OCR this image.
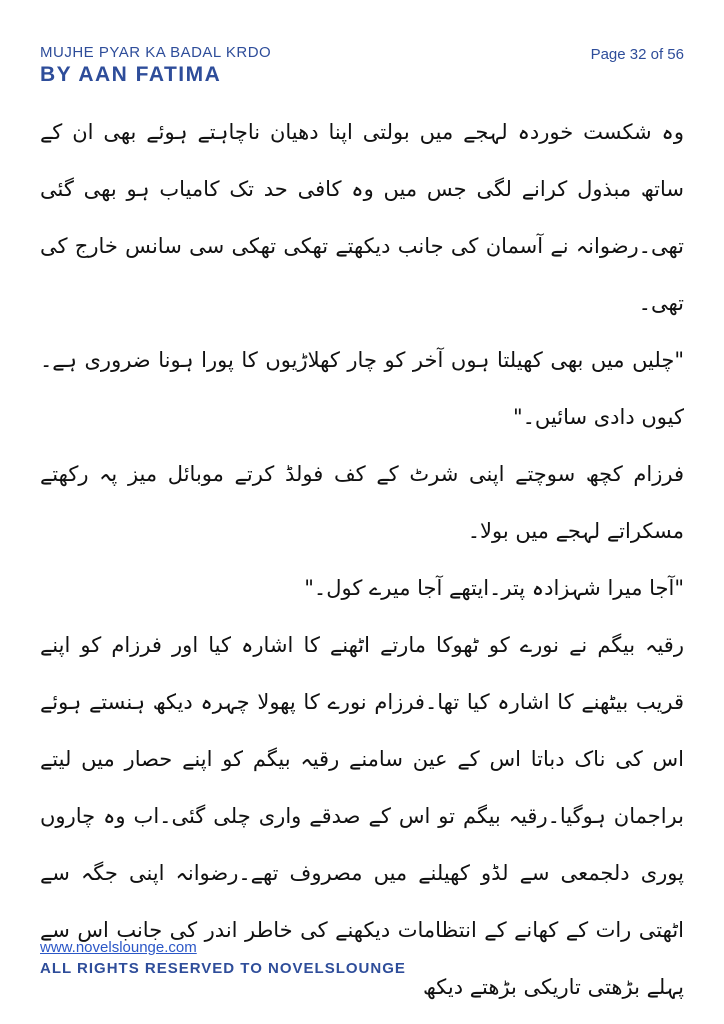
MUJHE PYAR KA BADAL KRDO
BY AAN FATIMA
Page 32 of 56

وہ شکست خوردہ لہجے میں بولتی اپنا دھیان ناچاہتے ہوئے بھی ان کے ساتھ مبذول کرانے لگی جس میں وہ کافی حد تک کامیاب ہو بھی گئی تھی۔رضوانہ نے آسمان کی جانب دیکھتے تھکی تھکی سی سانس خارج کی تھی۔

"چلیں میں بھی کھیلتا ہوں آخر کو چار کھلاڑیوں کا پورا ہونا ضروری ہے۔کیوں دادی سائیں۔"

فرزام کچھ سوچتے اپنی شرٹ کے کف فولڈ کرتے موبائل میز پہ رکھتے مسکراتے لہجے میں بولا۔

"آجا میرا شہزادہ پتر۔ایتھے آجا میرے کول۔"

رقیہ بیگم نے نورے کو ٹھوکا مارتے اٹھنے کا اشارہ کیا اور فرزام کو اپنے قریب بیٹھنے کا اشارہ کیا تھا۔فرزام نورے کا پھولا چہرہ دیکھ ہنستے ہوئے اس کی ناک دباتا اس کے عین سامنے رقیہ بیگم کو اپنے حصار میں لیتے براجمان ہوگیا۔رقیہ بیگم تو اس کے صدقے واری چلی گئی۔اب وہ چاروں پوری دلجمعی سے لڈو کھیلنے میں مصروف تھے۔رضوانہ اپنی جگہ سے اٹھتی رات کے کھانے کے انتظامات دیکھنے کی خاطر اندر کی جانب اس سے پہلے بڑھتی تاریکی بڑھتے دیکھ

www.novelslounge.com
ALL RIGHTS RESERVED TO NOVELSLOUNGE
